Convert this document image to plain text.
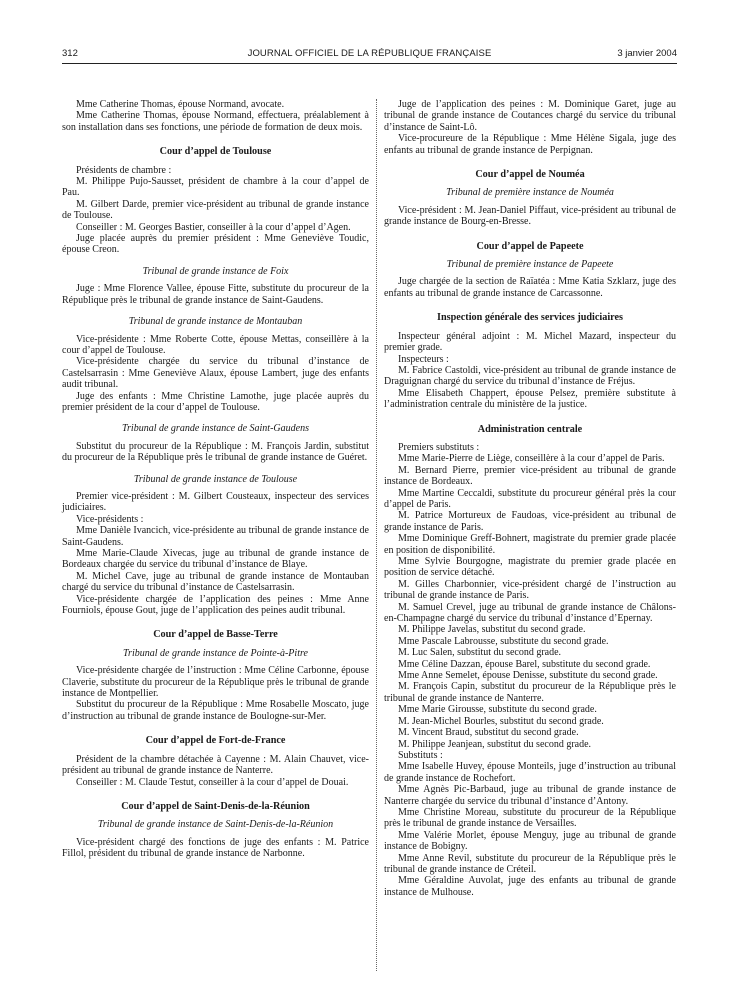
312	JOURNAL OFFICIEL DE LA RÉPUBLIQUE FRANÇAISE	3 janvier 2004
Mme Catherine Thomas, épouse Normand, avocate.
Mme Catherine Thomas, épouse Normand, effectuera, préalablement à son installation dans ses fonctions, une période de formation de deux mois.
Cour d’appel de Toulouse
Présidents de chambre :
M. Philippe Pujo-Sausset, président de chambre à la cour d’appel de Pau.
M. Gilbert Darde, premier vice-président au tribunal de grande instance de Toulouse.
Conseiller : M. Georges Bastier, conseiller à la cour d’appel d’Agen.
Juge placée auprès du premier président : Mme Geneviève Toudic, épouse Creon.
Tribunal de grande instance de Foix
Juge : Mme Florence Vallee, épouse Fitte, substitute du procureur de la République près le tribunal de grande instance de Saint-Gaudens.
Tribunal de grande instance de Montauban
Vice-présidente : Mme Roberte Cotte, épouse Mettas, conseillère à la cour d’appel de Toulouse.
Vice-présidente chargée du service du tribunal d’instance de Castelsarrasin : Mme Geneviève Alaux, épouse Lambert, juge des enfants audit tribunal.
Juge des enfants : Mme Christine Lamothe, juge placée auprès du premier président de la cour d’appel de Toulouse.
Tribunal de grande instance de Saint-Gaudens
Substitut du procureur de la République : M. François Jardin, substitut du procureur de la République près le tribunal de grande instance de Guéret.
Tribunal de grande instance de Toulouse
Premier vice-président : M. Gilbert Cousteaux, inspecteur des services judiciaires.
Vice-présidents :
Mme Danièle Ivancich, vice-présidente au tribunal de grande instance de Saint-Gaudens.
Mme Marie-Claude Xivecas, juge au tribunal de grande instance de Bordeaux chargée du service du tribunal d’instance de Blaye.
M. Michel Cave, juge au tribunal de grande instance de Montauban chargé du service du tribunal d’instance de Castelsarrasin.
Vice-présidente chargée de l’application des peines : Mme Anne Fourniols, épouse Gout, juge de l’application des peines audit tribunal.
Cour d’appel de Basse-Terre
Tribunal de grande instance de Pointe-à-Pitre
Vice-présidente chargée de l’instruction : Mme Céline Carbonne, épouse Claverie, substitute du procureur de la République près le tribunal de grande instance de Montpellier.
Substitut du procureur de la République : Mme Rosabelle Moscato, juge d’instruction au tribunal de grande instance de Boulogne-sur-Mer.
Cour d’appel de Fort-de-France
Président de la chambre détachée à Cayenne : M. Alain Chauvet, vice-président au tribunal de grande instance de Nanterre.
Conseiller : M. Claude Testut, conseiller à la cour d’appel de Douai.
Cour d’appel de Saint-Denis-de-la-Réunion
Tribunal de grande instance de Saint-Denis-de-la-Réunion
Vice-président chargé des fonctions de juge des enfants : M. Patrice Fillol, président du tribunal de grande instance de Narbonne.
Juge de l’application des peines : M. Dominique Garet, juge au tribunal de grande instance de Coutances chargé du service du tribunal d’instance de Saint-Lô.
Vice-procureure de la République : Mme Hélène Sigala, juge des enfants au tribunal de grande instance de Perpignan.
Cour d’appel de Nouméa
Tribunal de première instance de Nouméa
Vice-président : M. Jean-Daniel Piffaut, vice-président au tribunal de grande instance de Bourg-en-Bresse.
Cour d’appel de Papeete
Tribunal de première instance de Papeete
Juge chargée de la section de Raïatéa : Mme Katia Szklarz, juge des enfants au tribunal de grande instance de Carcassonne.
Inspection générale des services judiciaires
Inspecteur général adjoint : M. Michel Mazard, inspecteur du premier grade.
Inspecteurs :
M. Fabrice Castoldi, vice-président au tribunal de grande instance de Draguignan chargé du service du tribunal d’instance de Fréjus.
Mme Elisabeth Chappert, épouse Pelsez, première substitute à l’administration centrale du ministère de la justice.
Administration centrale
Premiers substituts :
Mme Marie-Pierre de Liège, conseillère à la cour d’appel de Paris.
M. Bernard Pierre, premier vice-président au tribunal de grande instance de Bordeaux.
Mme Martine Ceccaldi, substitute du procureur général près la cour d’appel de Paris.
M. Patrice Mortureux de Faudoas, vice-président au tribunal de grande instance de Paris.
Mme Dominique Greff-Bohnert, magistrate du premier grade placée en position de disponibilité.
Mme Sylvie Bourgogne, magistrate du premier grade placée en position de service détaché.
M. Gilles Charbonnier, vice-président chargé de l’instruction au tribunal de grande instance de Paris.
M. Samuel Crevel, juge au tribunal de grande instance de Châlons-en-Champagne chargé du service du tribunal d’instance d’Epernay.
M. Philippe Javelas, substitut du second grade.
Mme Pascale Labrousse, substitute du second grade.
M. Luc Salen, substitut du second grade.
Mme Céline Dazzan, épouse Barel, substitute du second grade.
Mme Anne Semelet, épouse Denisse, substitute du second grade.
M. François Capin, substitut du procureur de la République près le tribunal de grande instance de Nanterre.
Mme Marie Girousse, substitute du second grade.
M. Jean-Michel Bourles, substitut du second grade.
M. Vincent Braud, substitut du second grade.
M. Philippe Jeanjean, substitut du second grade.
Substituts :
Mme Isabelle Huvey, épouse Monteils, juge d’instruction au tribunal de grande instance de Rochefort.
Mme Agnès Pic-Barbaud, juge au tribunal de grande instance de Nanterre chargée du service du tribunal d’instance d’Antony.
Mme Christine Moreau, substitute du procureur de la République près le tribunal de grande instance de Versailles.
Mme Valérie Morlet, épouse Menguy, juge au tribunal de grande instance de Bobigny.
Mme Anne Revil, substitute du procureur de la République près le tribunal de grande instance de Créteil.
Mme Géraldine Auvolat, juge des enfants au tribunal de grande instance de Mulhouse.
